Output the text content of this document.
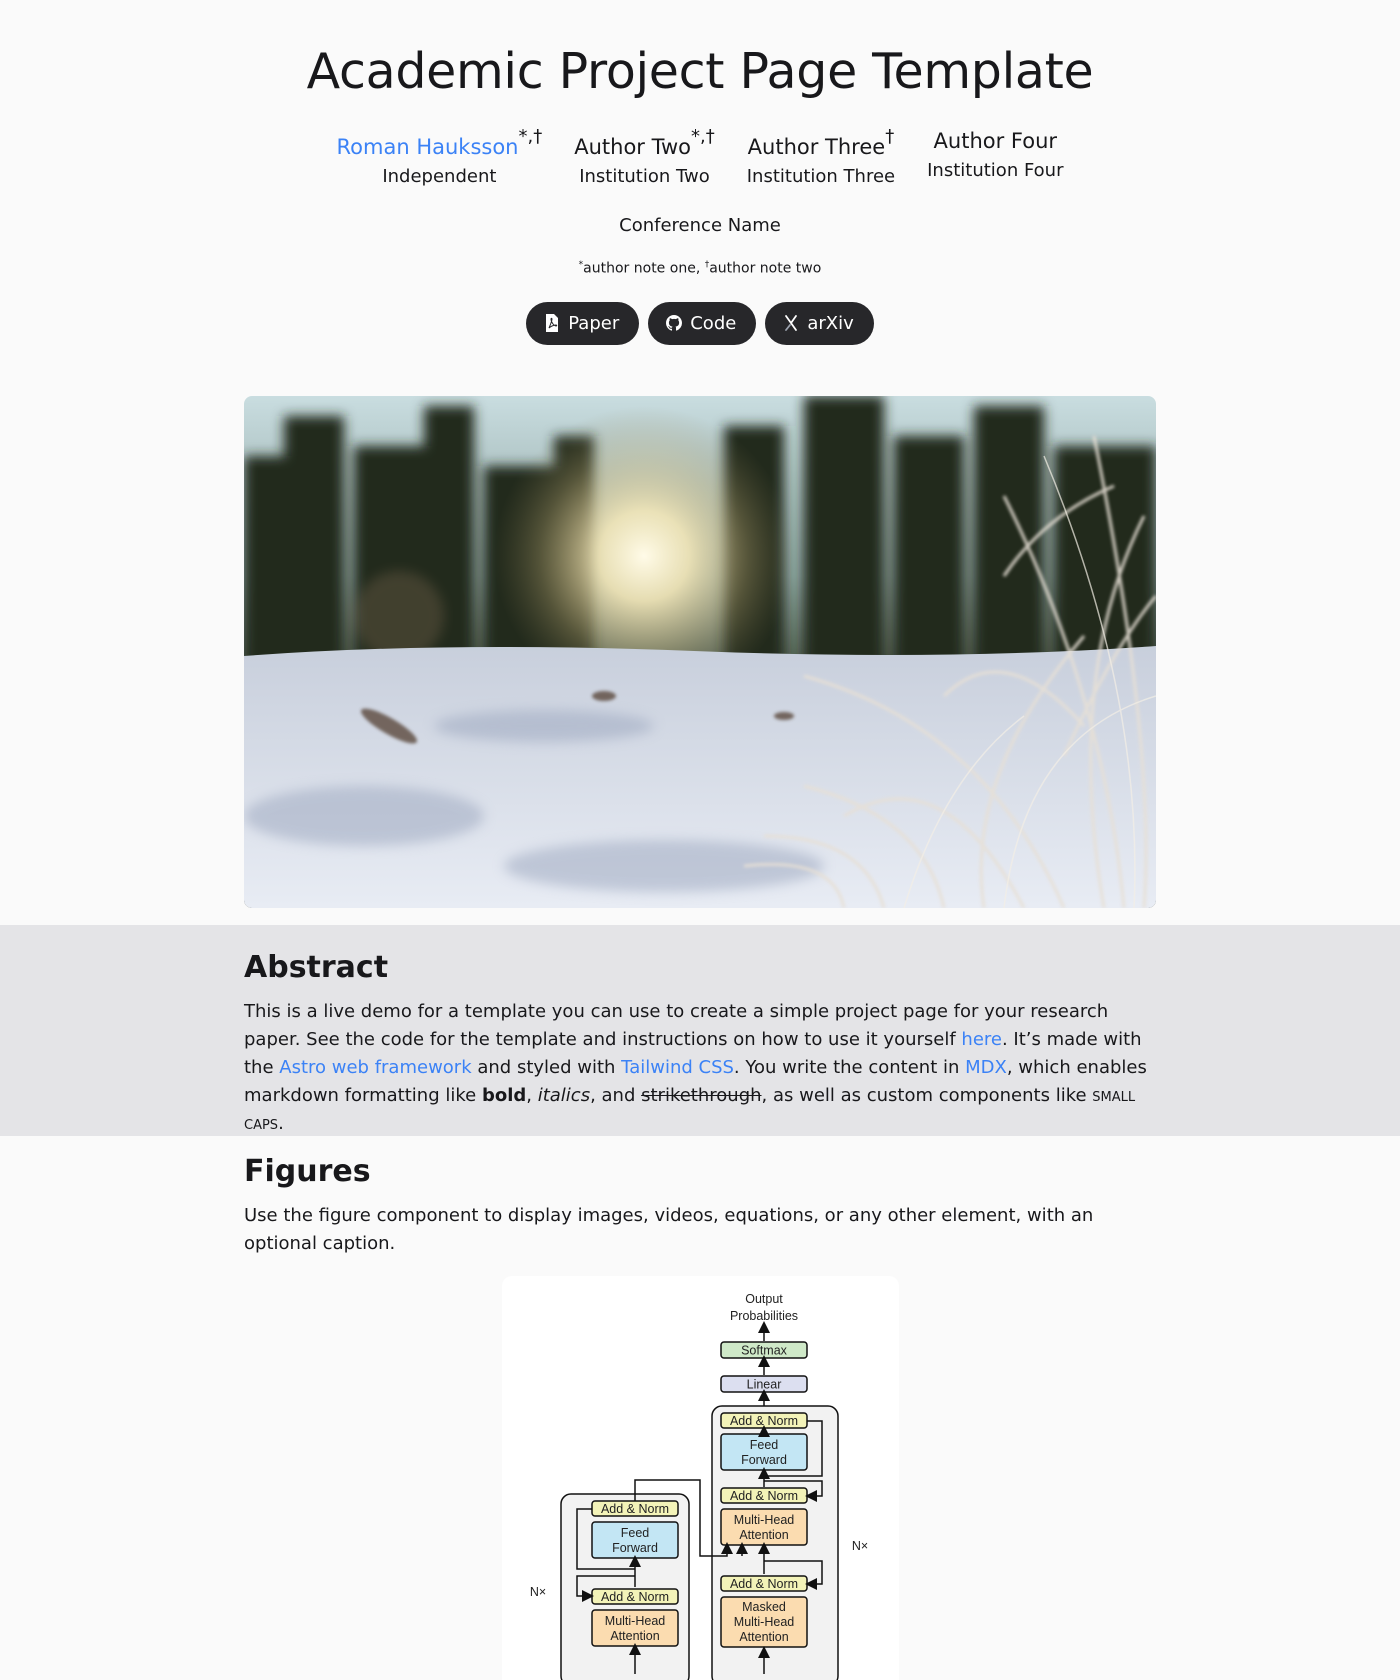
Academic Project Page Template
Roman Hauksson*,†
Independent
Author Two*,†
Institution Two
Author Three†
Institution Three
Author Four
Institution Four
Conference Name
*author note one, †author note two
Paper	Code	arXiv
Abstract

This is a live demo for a template you can use to create a simple project page for your research paper. See the code for the template and instructions on how to use it yourself here. It’s made with the Astro web framework and styled with Tailwind CSS. You write the content in MDX, which enables markdown formatting like bold, italics, and strikethrough, as well as custom components like small caps.

Figures

Use the figure component to display images, videos, equations, or any other element, with an optional caption.

Output
Probabilities
Softmax
Linear
Add & Norm
Feed
Forward
Add & Norm
Multi-Head
Attention
Add & Norm
Masked
Multi-Head
Attention
N×
Add & Norm
Feed
Forward
Add & Norm
Multi-Head
Attention
N×
